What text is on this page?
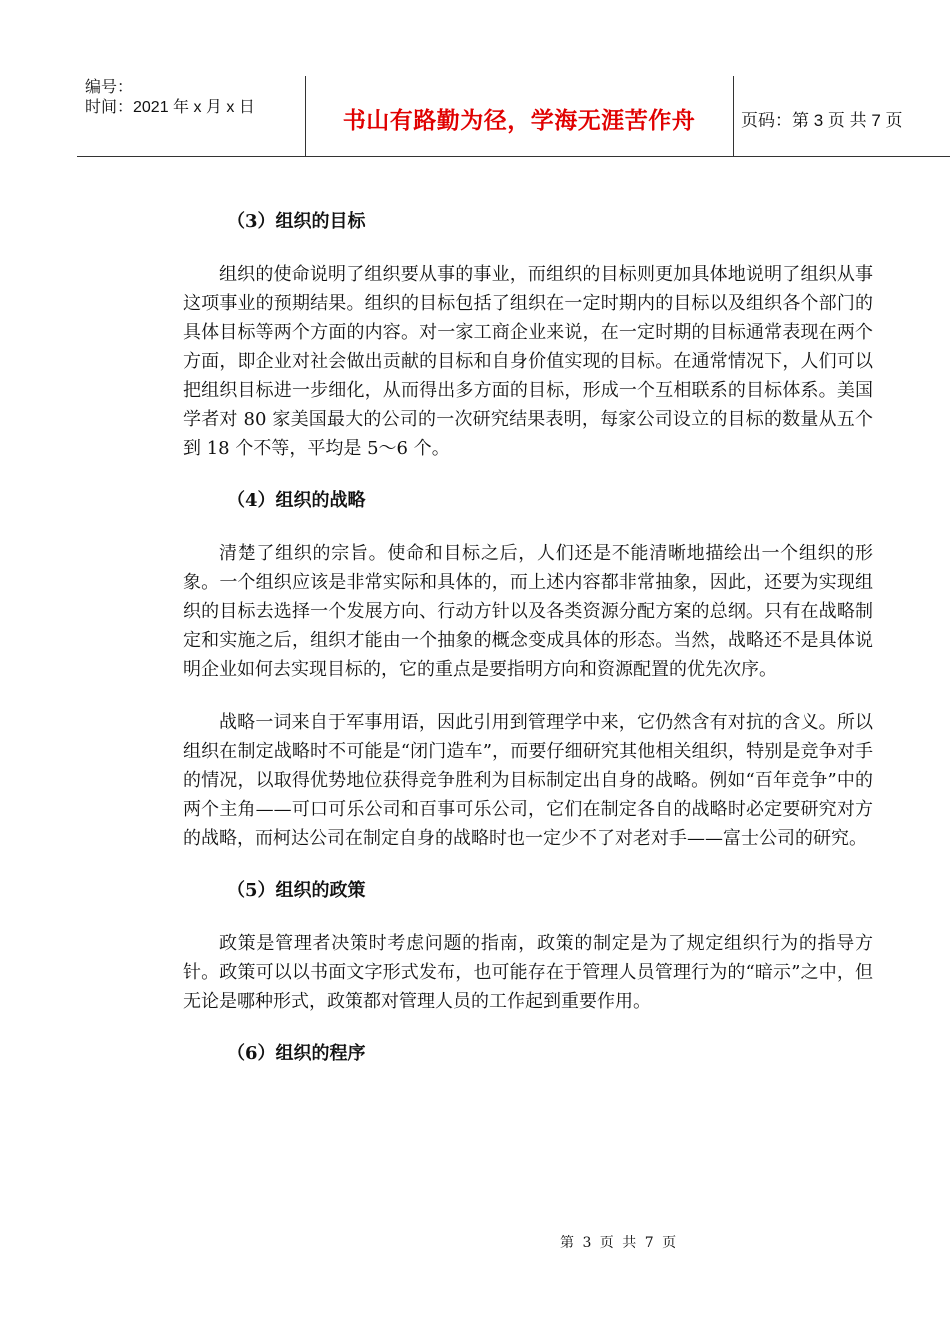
编号：
时间：2021 年 x 月 x 日
书山有路勤为径，学海无涯苦作舟	页码：第 3 页 共 7 页
（3）组织的目标

组织的使命说明了组织要从事的事业，而组织的目标则更加具体地说明了组织从事这项事业的预期结果。组织的目标包括了组织在一定时期内的目标以及组织各个部门的具体目标等两个方面的内容。对一家工商企业来说，在一定时期的目标通常表现在两个方面，即企业对社会做出贡献的目标和自身价值实现的目标。在通常情况下，人们可以把组织目标进一步细化，从而得出多方面的目标，形成一个互相联系的目标体系。美国学者对 80 家美国最大的公司的一次研究结果表明，每家公司设立的目标的数量从五个到 18 个不等，平均是 5～6 个。

（4）组织的战略

清楚了组织的宗旨。使命和目标之后，人们还是不能清晰地描绘出一个组织的形象。一个组织应该是非常实际和具体的，而上述内容都非常抽象，因此，还要为实现组织的目标去选择一个发展方向、行动方针以及各类资源分配方案的总纲。只有在战略制定和实施之后，组织才能由一个抽象的概念变成具体的形态。当然，战略还不是具体说明企业如何去实现目标的，它的重点是要指明方向和资源配置的优先次序。

战略一词来自于军事用语，因此引用到管理学中来，它仍然含有对抗的含义。所以组织在制定战略时不可能是“闭门造车”，而要仔细研究其他相关组织，特别是竞争对手的情况，以取得优势地位获得竞争胜利为目标制定出自身的战略。例如“百年竞争”中的两个主角——可口可乐公司和百事可乐公司，它们在制定各自的战略时必定要研究对方的战略，而柯达公司在制定自身的战略时也一定少不了对老对手——富士公司的研究。

（5）组织的政策

政策是管理者决策时考虑问题的指南，政策的制定是为了规定组织行为的指导方针。政策可以以书面文字形式发布，也可能存在于管理人员管理行为的“暗示”之中，但无论是哪种形式，政策都对管理人员的工作起到重要作用。

（6）组织的程序
第 3 页 共 7 页
